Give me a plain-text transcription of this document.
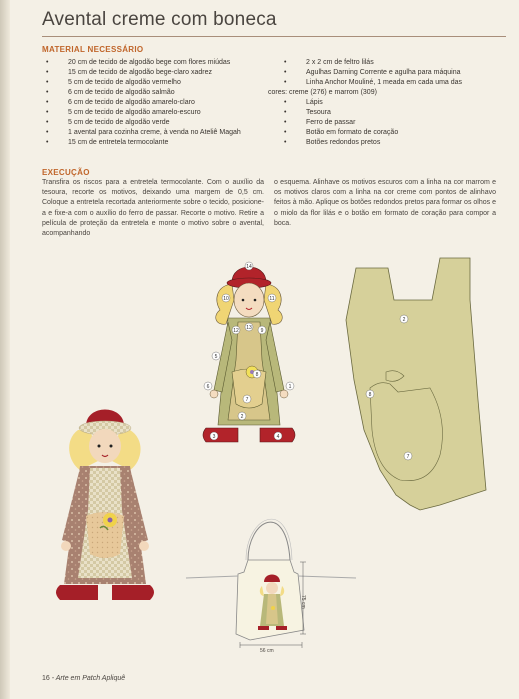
Avental creme com boneca
MATERIAL NECESSÁRIO
• 20 cm de tecido de algodão bege com flores miúdas
• 15 cm de tecido de algodão bege-claro xadrez
• 5 cm de tecido de algodão vermelho
• 6 cm de tecido de algodão salmão
• 6 cm de tecido de algodão amarelo-claro
• 5 cm de tecido de algodão amarelo-escuro
• 5 cm de tecido de algodão verde
• 1 avental para cozinha creme, à venda no Ateliê Magah
• 15 cm de entretela termocolante
• 2 x 2 cm de feltro lilás
• Agulhas Darning Corrente e agulha para máquina
• Linha Anchor Mouliné, 1 meada em cada uma das
cores: creme (276) e marrom (309)
• Lápis
• Tesoura
• Ferro de passar
• Botão em formato de coração
• Botões redondos pretos
EXECUÇÃO
Transfira os riscos para a entretela termocolante. Com o auxílio da tesoura, recorte os motivos, deixando uma margem de 0,5 cm. Coloque a entretela recortada anteriormente sobre o tecido, posicione-a e fixe-a com o auxílio do ferro de passar. Recorte o motivo. Retire a película de proteção da entretela e monte o motivo sobre o avental, acompanhando
o esquema. Alinhave os motivos escuros com a linha na cor marrom e os motivos claros com a linha na cor creme com pontos de alinhavo feitos à mão. Aplique os botões redondos pretos para formar os olhos e o miolo da flor lilás e o botão em formato de coração para compor a boca.
14
10	11
12 13 9
5
8
6
7
2
1
3	4
2
8
7
75 cm
56 cm
16 - Arte em Patch Apliquê
